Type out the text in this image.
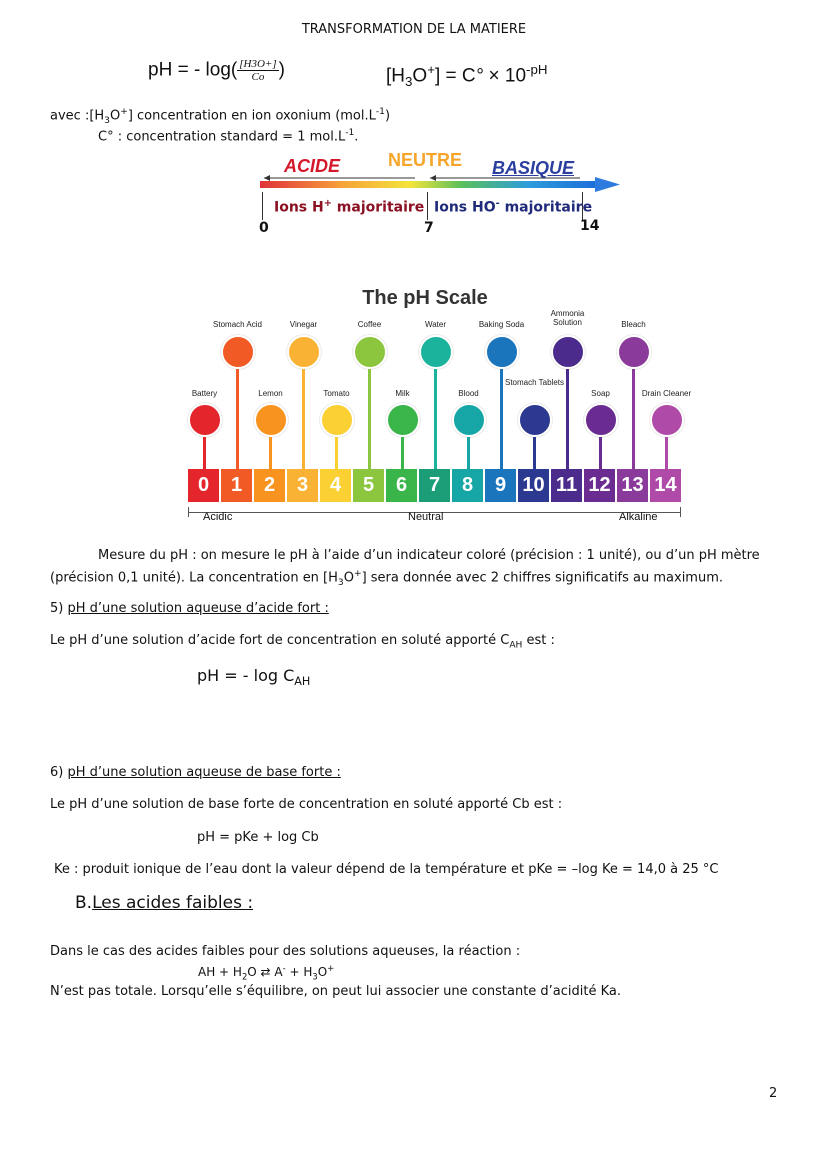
TRANSFORMATION DE LA MATIERE
pH = - $\log( \frac{[H3O+]}{Co}$ )	$[H_3O^+] = C^\circ \times 10^{-pH}$
avec $:[H_3O^+]$ concentration en ion oxonium $(mol.L^{-1})$
C° : concentration standard = 1 $mol.L^{-1}$.
ACIDE	NEUTRE BASIQUE
Ions H+ majoritaire Ions HO- majoritaire
0	7	14
The pH Scale
Stomach Acid	Vinegar	Coffee	Water	Baking Soda
Ammonia Solution	Bleach
Battery	Lemon	Tomato	Milk	Blood
Stomach Tablets
Soap	Drain Cleaner
0	1	2	3	4	5	6	7	8	9 10 11 12 13 14
Acidic	Neutral	Alkaline
Mesure du pH : on mesure le pH à l’aide d’un indicateur coloré (précision : 1 unité), ou d’un pH mètre
(précision 0,1 unité). La concentration en $[H_3O^+]$ sera donnée avec 2 chiffres significatifs au maximum.
5) pH d’une solution aqueuse d’acide fort :
Le pH d’une solution d’acide fort de concentration en soluté apporté $C_{AH}$ est :
pH = - $\log C_{AH}$
6) pH d’une solution aqueuse de base forte :
Le pH d’une solution de base forte de concentration en soluté apporté Cb est :
pH = pKe + log Cb
Ke : produit ionique de l’eau dont la valeur dépend de la température et pKe = –log Ke = 14,0 à 25 °C
B.Les acides faibles :
Dans le cas des acides faibles pour des solutions aqueuses, la réaction :
AH + $H_2O$ ⇄ $A^- + H_3O^+$
N’est pas totale. Lorsqu’elle s’équilibre, on peut lui associer une constante d’acidité Ka.
2
